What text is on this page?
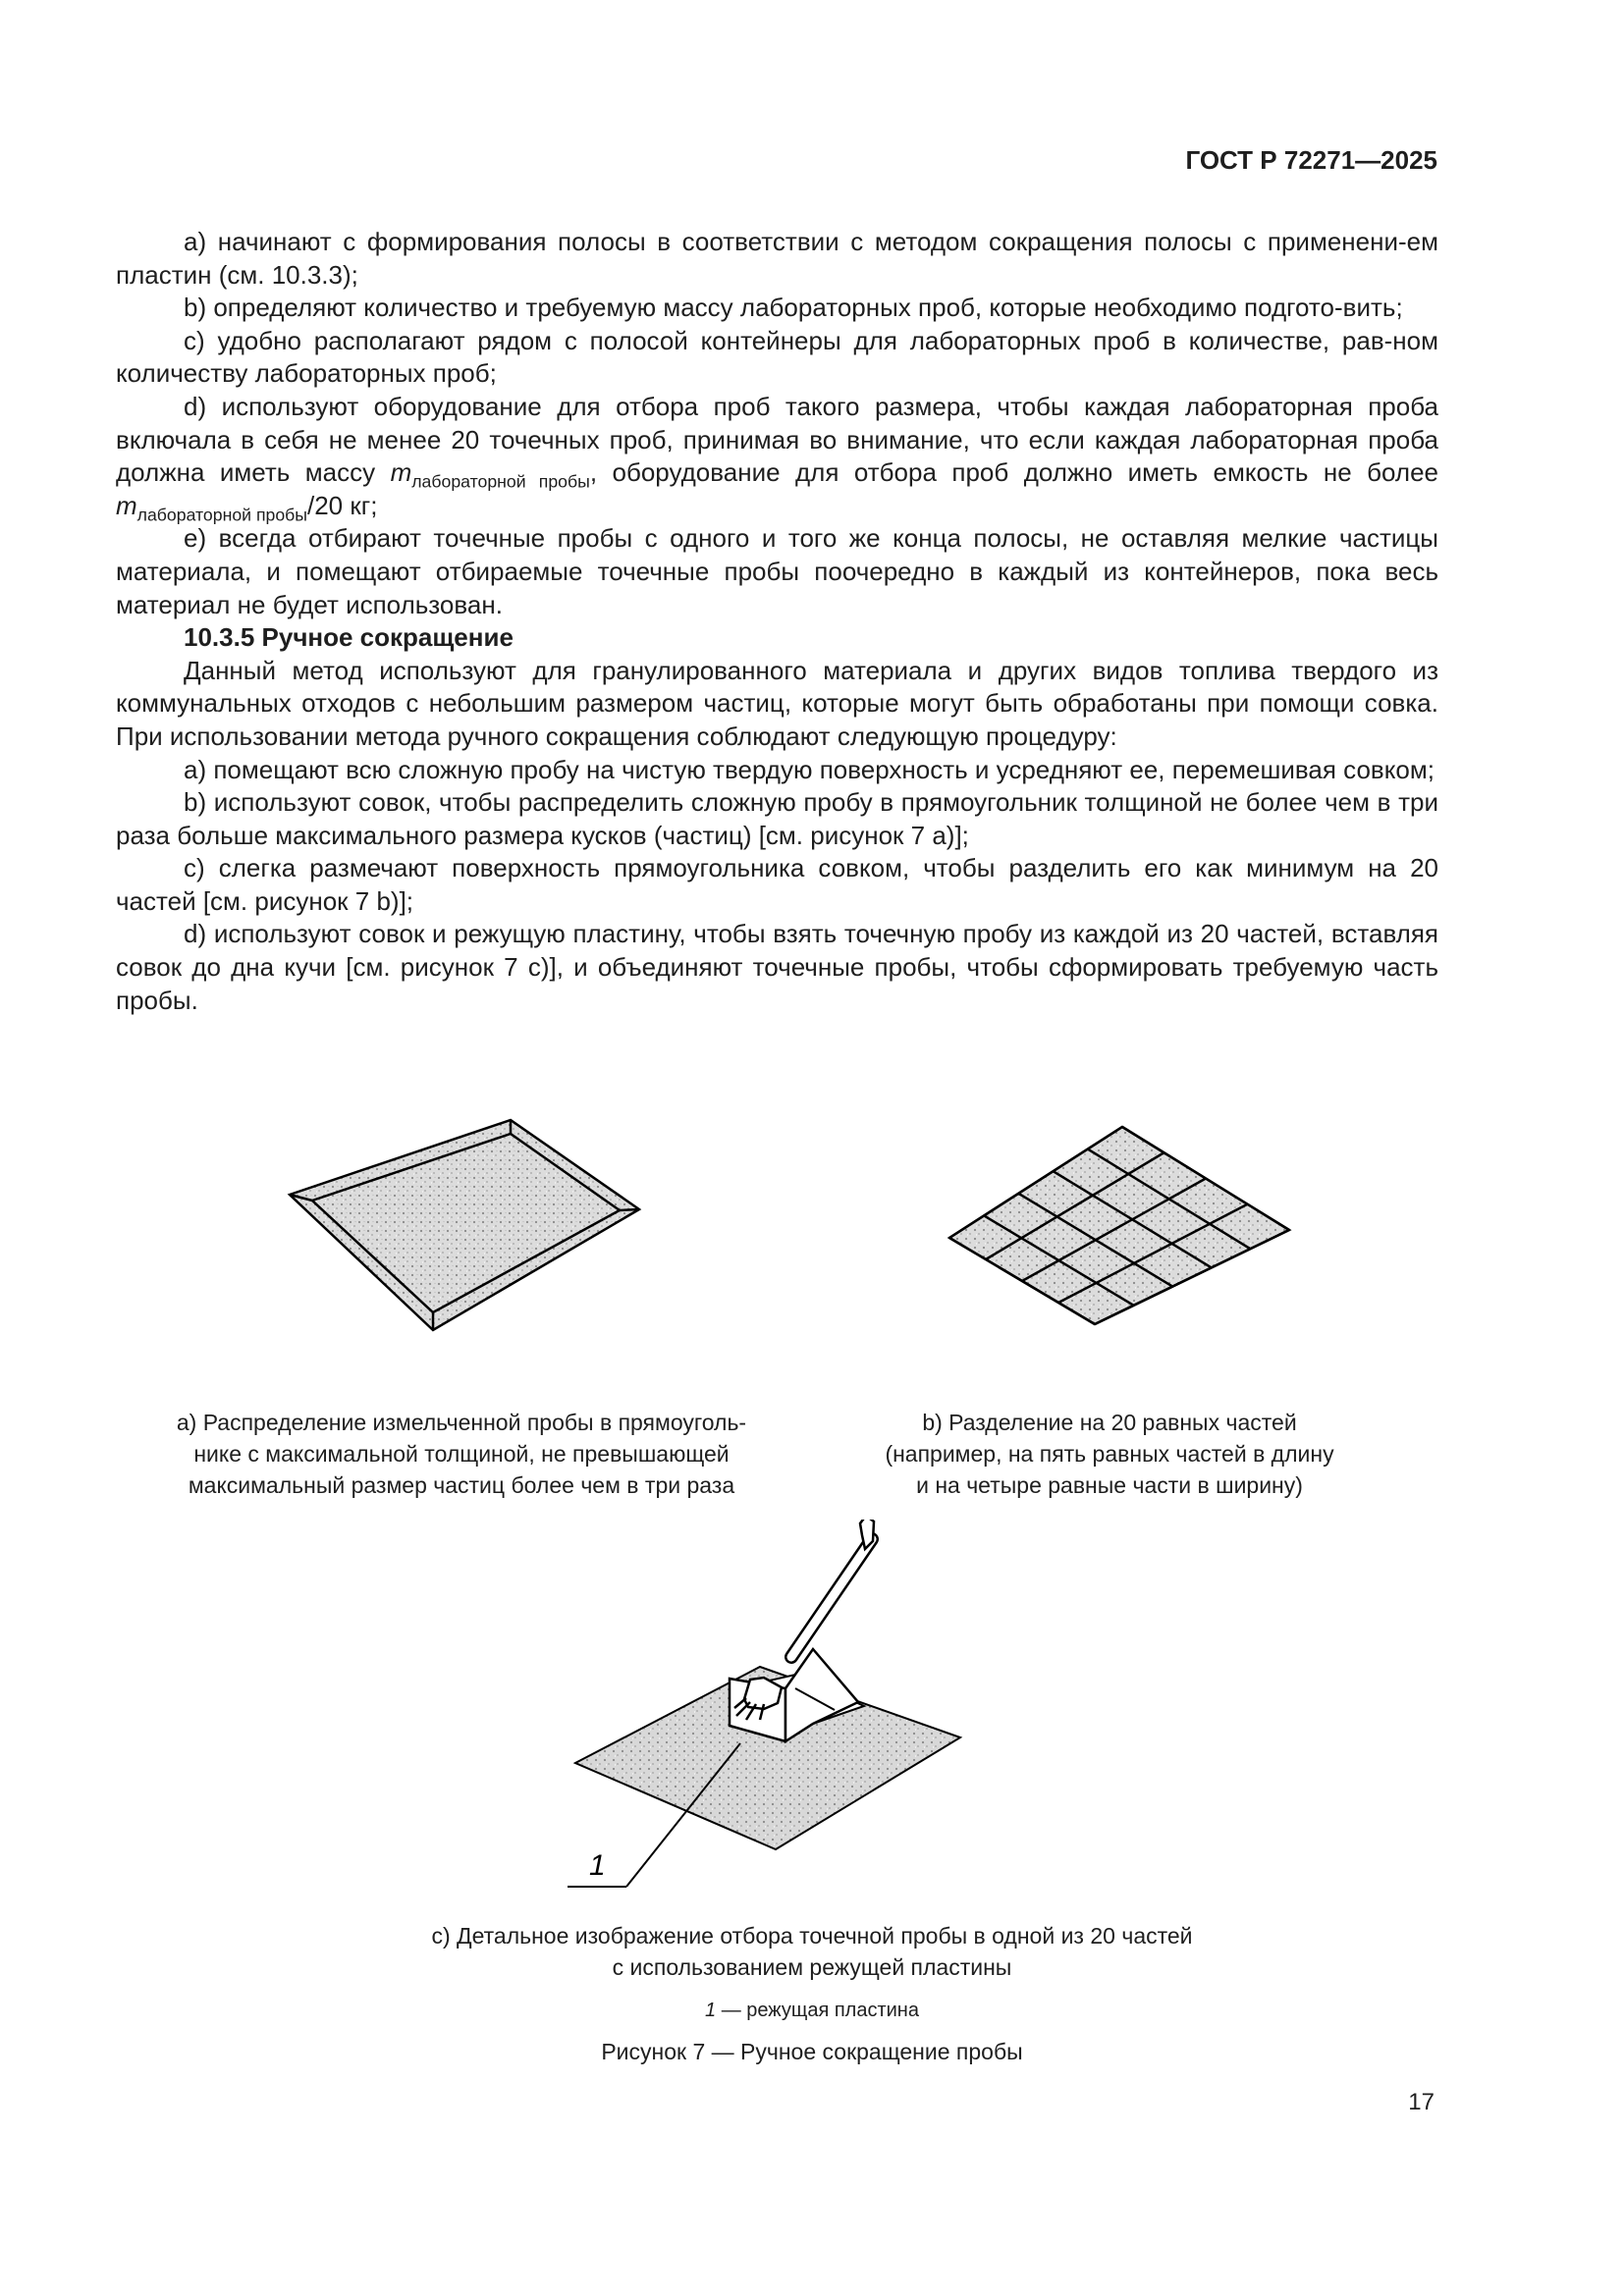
ГОСТ Р 72271—2025

a) начинают с формирования полосы в соответствии с методом сокращения полосы с применени-ем пластин (см. 10.3.3);

b) определяют количество и требуемую массу лабораторных проб, которые необходимо подгото-вить;

c) удобно располагают рядом с полосой контейнеры для лабораторных проб в количестве, рав-ном количеству лабораторных проб;

d) используют оборудование для отбора проб такого размера, чтобы каждая лабораторная проба включала в себя не менее 20 точечных проб, принимая во внимание, что если каждая лабораторная проба должна иметь массу $m_{лабораторной пробы}$, оборудование для отбора проб должно иметь емкость не более $m_{лабораторной пробы}/20$ кг;

e) всегда отбирают точечные пробы с одного и того же конца полосы, не оставляя мелкие частицы материала, и помещают отбираемые точечные пробы поочередно в каждый из контейнеров, пока весь материал не будет использован.

10.3.5 Ручное сокращение

Данный метод используют для гранулированного материала и других видов топлива твердого из коммунальных отходов с небольшим размером частиц, которые могут быть обработаны при помощи совка. При использовании метода ручного сокращения соблюдают следующую процедуру:

a) помещают всю сложную пробу на чистую твердую поверхность и усредняют ее, перемешивая совком;

b) используют совок, чтобы распределить сложную пробу в прямоугольник толщиной не более чем в три раза больше максимального размера кусков (частиц) [см. рисунок 7 a)];

c) слегка размечают поверхность прямоугольника совком, чтобы разделить его как минимум на 20 частей [см. рисунок 7 b)];

d) используют совок и режущую пластину, чтобы взять точечную пробу из каждой из 20 частей, вставляя совок до дна кучи [см. рисунок 7 c)], и объединяют точечные пробы, чтобы сформировать требуемую часть пробы.

1
a) Распределение измельченной пробы в прямоуголь-
нике с максимальной толщиной, не превышающей
максимальный размер частиц более чем в три раза
b) Разделение на 20 равных частей
(например, на пять равных частей в длину
и на четыре равные части в ширину)
c) Детальное изображение отбора точечной пробы в одной из 20 частей
с использованием режущей пластины
1 — режущая пластина
Рисунок 7 — Ручное сокращение пробы
17
